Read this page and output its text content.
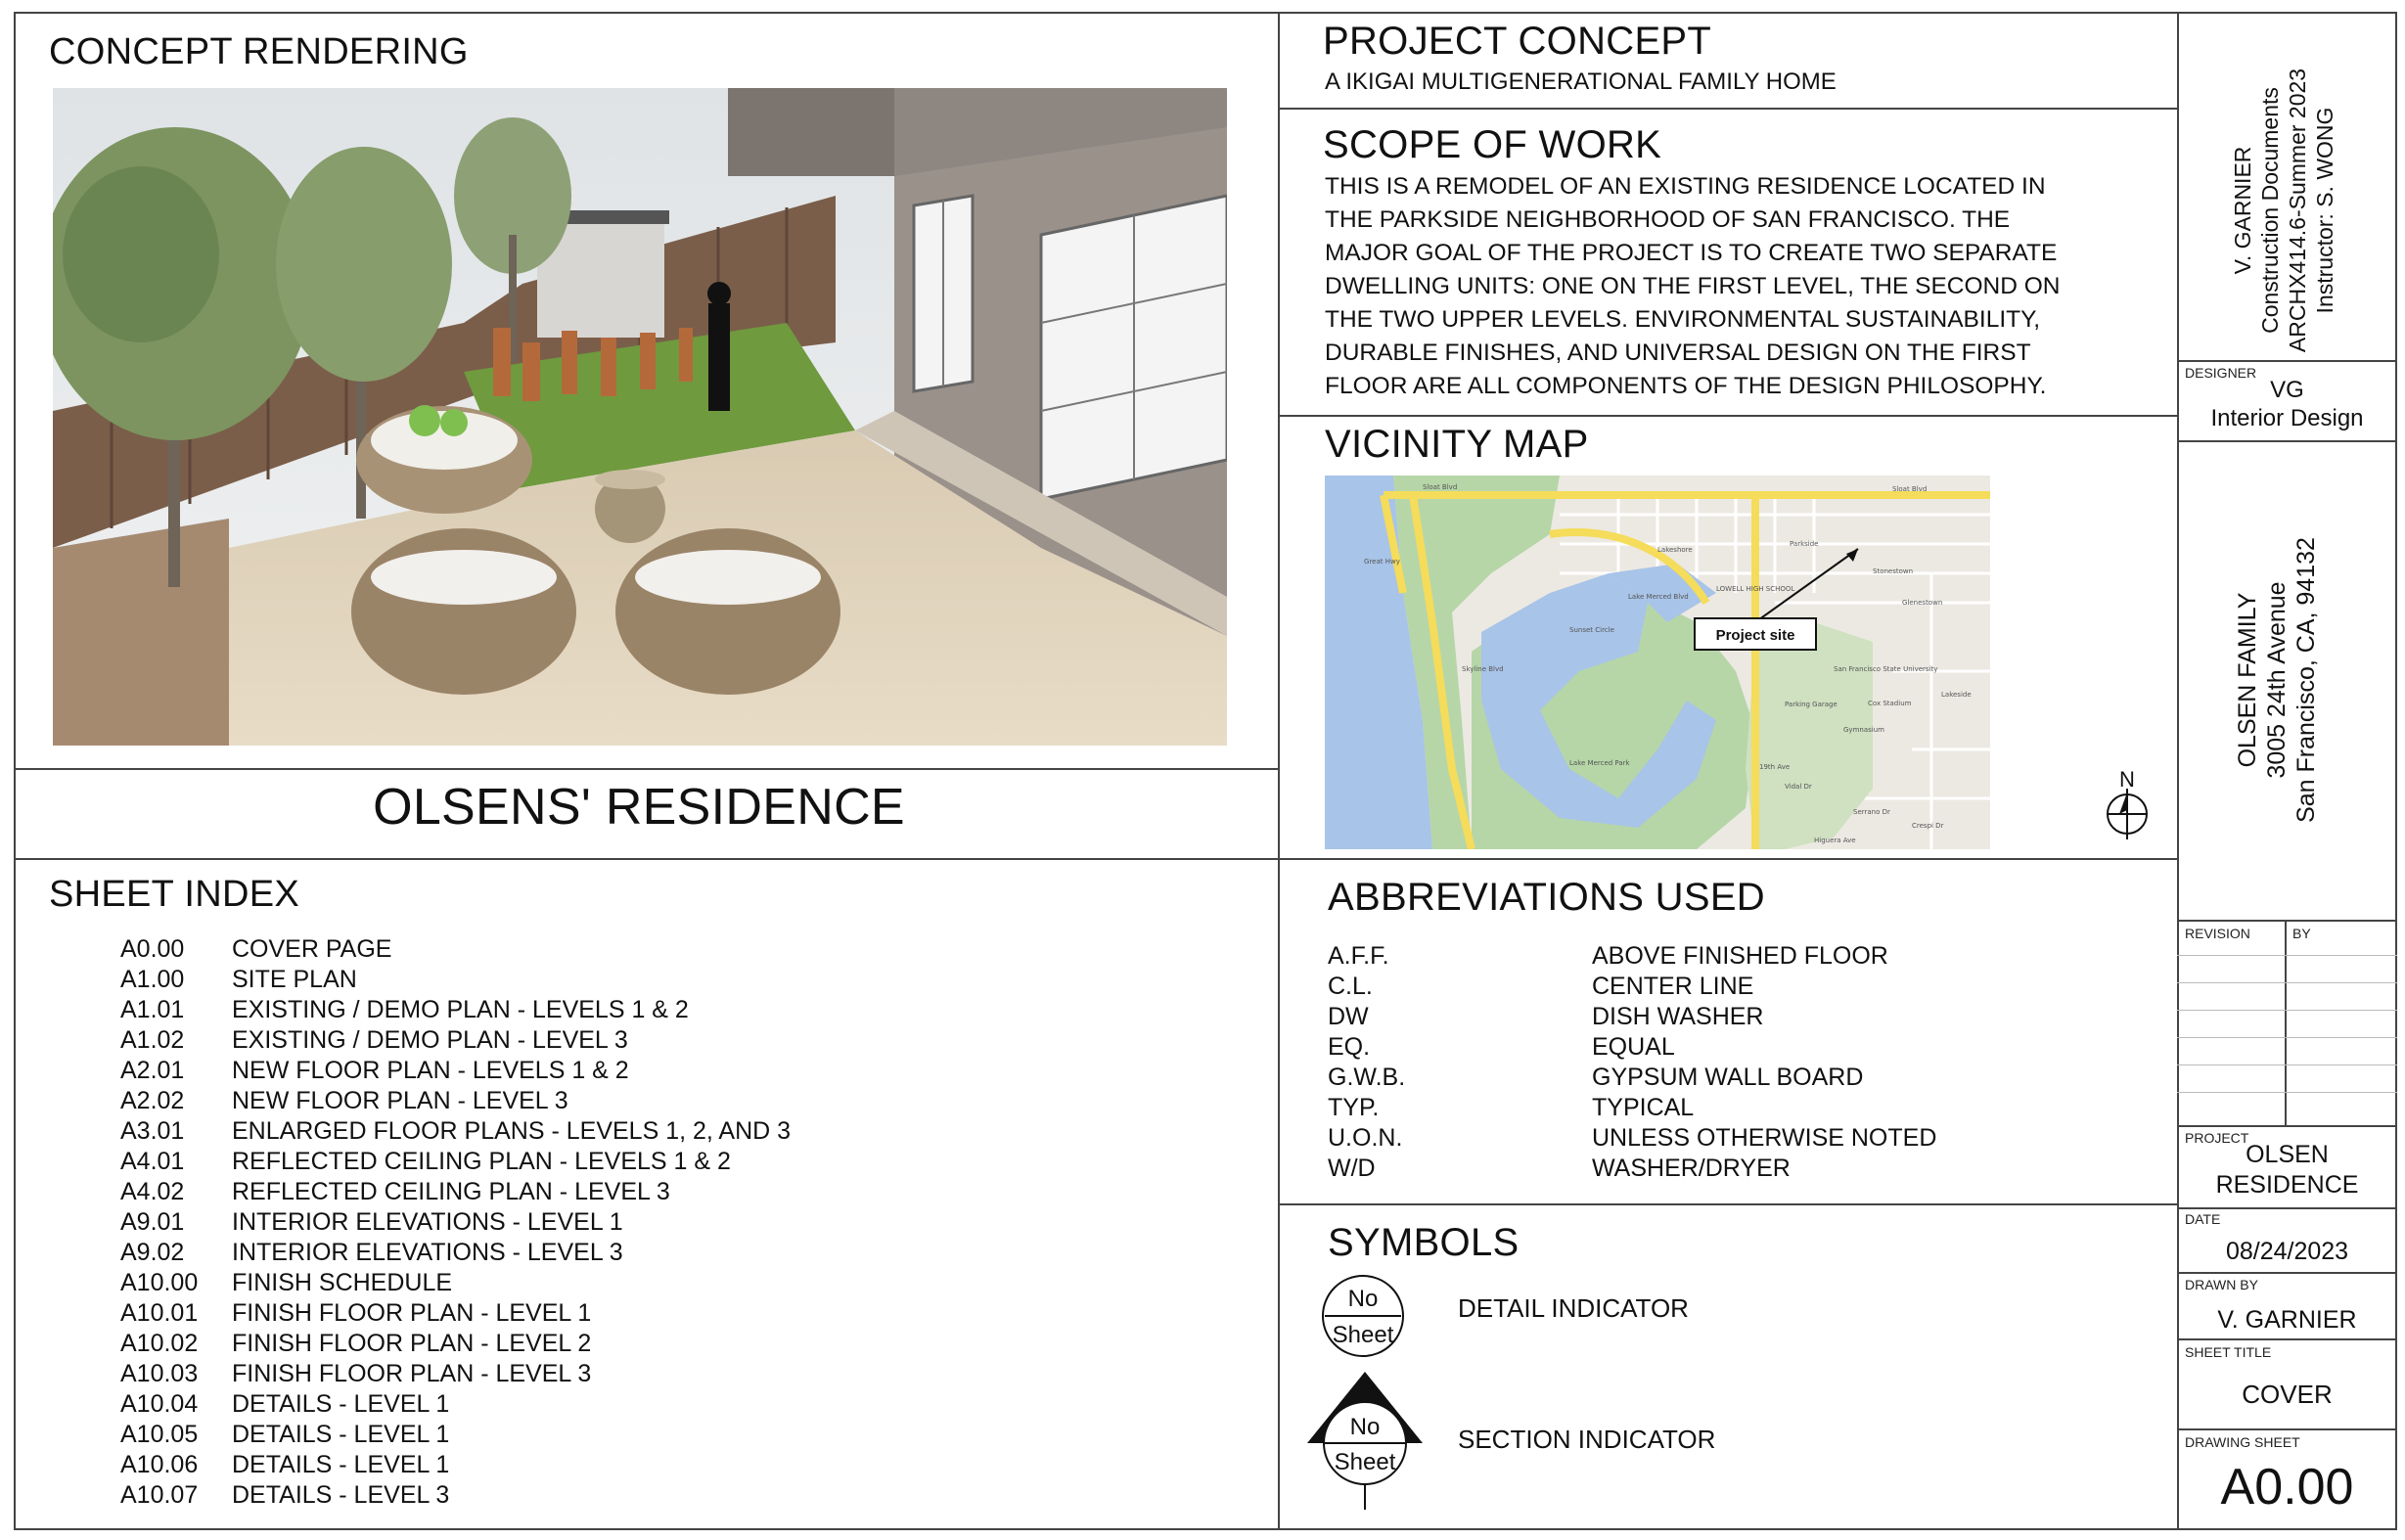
CONCEPT RENDERING
OLSENS' RESIDENCE
SHEET INDEX
A0.00 COVER PAGE
A1.00 SITE PLAN
A1.01 EXISTING / DEMO PLAN - LEVELS 1 & 2
A1.02 EXISTING / DEMO PLAN - LEVEL 3
A2.01 NEW FLOOR PLAN - LEVELS 1 & 2
A2.02 NEW FLOOR PLAN - LEVEL 3
A3.01 ENLARGED FLOOR PLANS - LEVELS 1, 2, AND 3
A4.01 REFLECTED CEILING PLAN - LEVELS 1 & 2
A4.02 REFLECTED CEILING PLAN - LEVEL 3
A9.01 INTERIOR ELEVATIONS - LEVEL 1
A9.02 INTERIOR ELEVATIONS - LEVEL 3
A10.00 FINISH SCHEDULE
A10.01 FINISH FLOOR PLAN - LEVEL 1
A10.02 FINISH FLOOR PLAN - LEVEL 2
A10.03 FINISH FLOOR PLAN - LEVEL 3
A10.04 DETAILS - LEVEL 1
A10.05 DETAILS - LEVEL 1
A10.06 DETAILS - LEVEL 1
A10.07 DETAILS - LEVEL 3
PROJECT CONCEPT
A IKIGAI MULTIGENERATIONAL FAMILY HOME
SCOPE OF WORK
THIS IS A REMODEL OF AN EXISTING RESIDENCE LOCATED IN
THE PARKSIDE NEIGHBORHOOD OF SAN FRANCISCO. THE
MAJOR GOAL OF THE PROJECT IS TO CREATE TWO SEPARATE
DWELLING UNITS: ONE ON THE FIRST LEVEL, THE SECOND ON
THE TWO UPPER LEVELS. ENVIRONMENTAL SUSTAINABILITY,
DURABLE FINISHES, AND UNIVERSAL DESIGN ON THE FIRST
FLOOR ARE ALL COMPONENTS OF THE DESIGN PHILOSOPHY.
VICINITY MAP
Sloat Blvd	Sloat Blvd
Lakeshore
Parkside
LOWELL HIGH SCHOOL
Lake Merced Blvd
Glenestown
San Francisco State University
Lake Merced Park
Sunset Circle
Stonestown
Gymnasium
Parking Garage	Cox Stadium
Lakeside
19th Ave
Vidal Dr
Higuera Ave
Serrano Dr
Crespi Dr
Skyline Blvd
Great Hwy
Project site
N
ABBREVIATIONS USED
A.F.F.	ABOVE FINISHED FLOOR
C.L.	CENTER LINE
DW	DISH WASHER
EQ.	EQUAL
G.W.B.	GYPSUM WALL BOARD
TYP.	TYPICAL
U.O.N.	UNLESS OTHERWISE NOTED
W/D	WASHER/DRYER
SYMBOLS
No
Sheet
DETAIL INDICATOR
No
Sheet
SECTION INDICATOR
V. GARNIER Construction Documents ARCHX414.6-Summer 2023 Instructor: S. WONG
DESIGNER
VG
Interior Design
OLSEN FAMILY 3005 24th Avenue San Francisco, CA, 94132
REVISION	BY
PROJECT
OLSEN
RESIDENCE
DATE
08/24/2023
DRAWN BY
V. GARNIER
SHEET TITLE
COVER
DRAWING SHEET
A0.00
